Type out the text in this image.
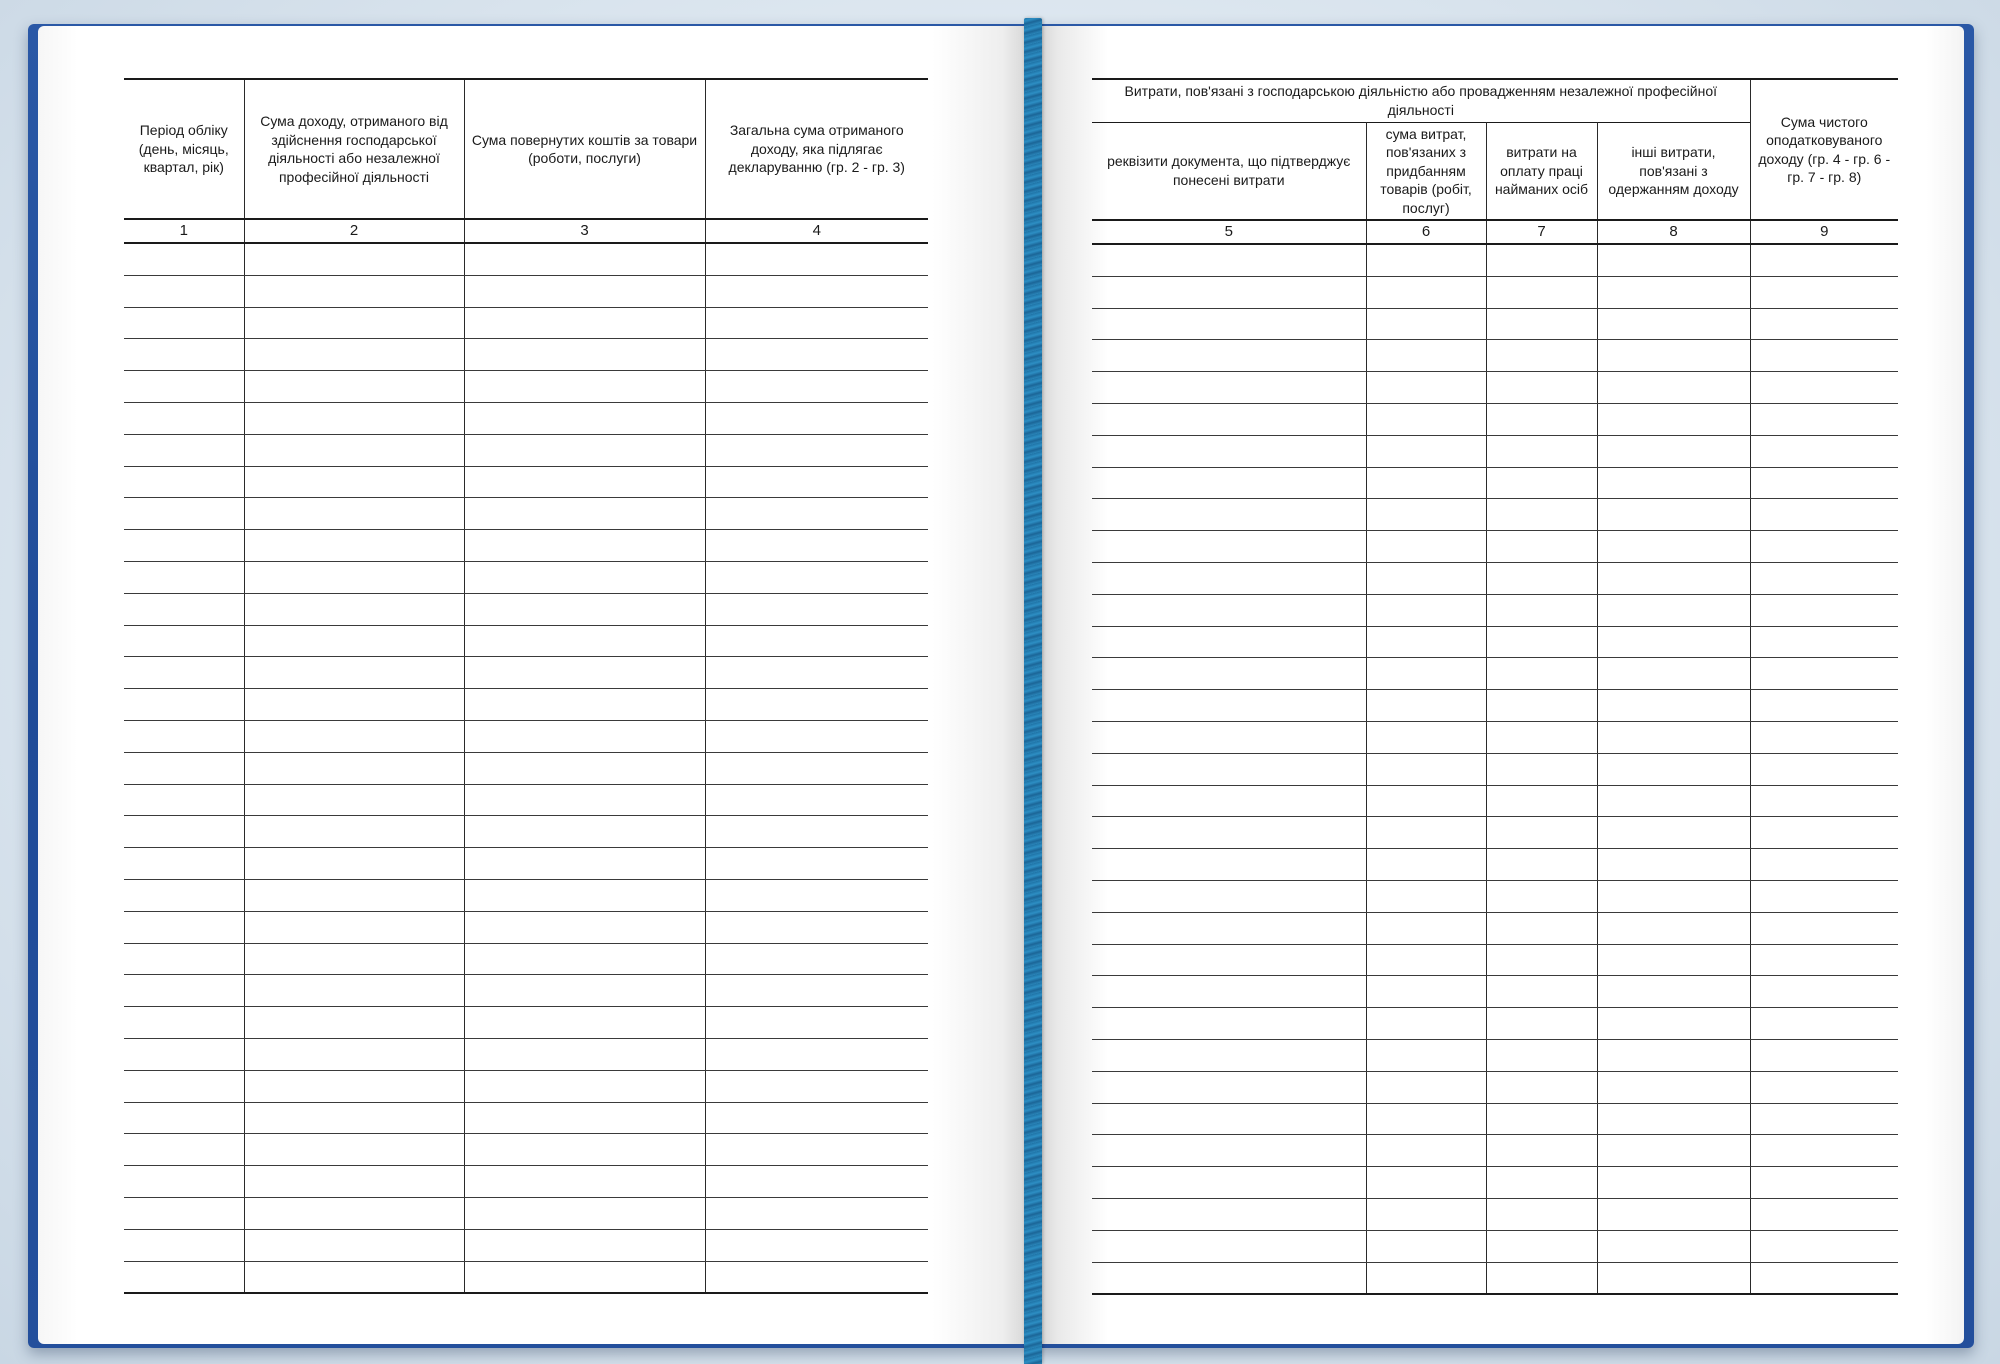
Період обліку (день, місяць, квартал, рік)	Сума доходу, отриманого від здійснення господарської діяльності або незалежної професійної діяльності	Сума повернутих коштів за товари (роботи, послуги)	Загальна сума отриманого доходу, яка підлягає декларуванню (гр. 2 - гр. 3)
1	2	3	4

Витрати, пов'язані з господарською діяльністю або провадженням незалежної професійної діяльності				Сума чистого оподатковуваного доходу (гр. 4 - гр. 6 - гр. 7 - гр. 8)
реквізити документа, що підтверджує понесені витрати	сума витрат, пов'язаних з придбанням товарів (робіт, послуг)	витрати на оплату праці найманих осіб	інші витрати, пов'язані з одержанням доходу	
5	6	7	8	9
